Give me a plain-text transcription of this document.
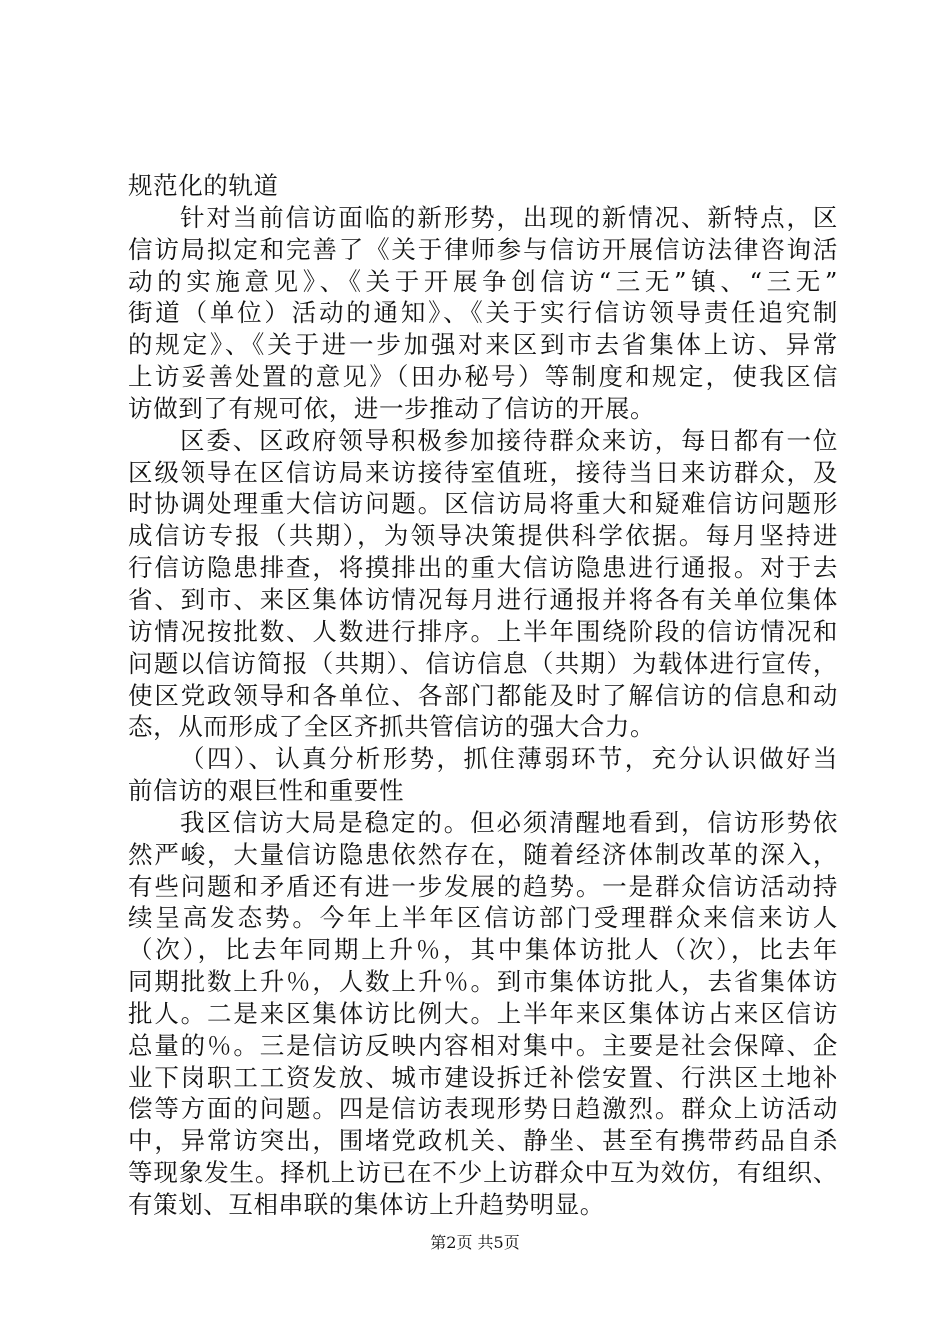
规范化的轨道
针对当前信访面临的新形势，出现的新情况、新特点，区
信访局拟定和完善了《关于律师参与信访开展信访法律咨询活
动的实施意见》、《关于开展争创信访“三无”镇、“三无”
街道（单位）活动的通知》、《关于实行信访领导责任追究制
的规定》、《关于进一步加强对来区到市去省集体上访、异常
上访妥善处置的意见》（田办秘号）等制度和规定，使我区信
访做到了有规可依，进一步推动了信访的开展。
区委、区政府领导积极参加接待群众来访，每日都有一位
区级领导在区信访局来访接待室值班，接待当日来访群众，及
时协调处理重大信访问题。区信访局将重大和疑难信访问题形
成信访专报（共期），为领导决策提供科学依据。每月坚持进
行信访隐患排查，将摸排出的重大信访隐患进行通报。对于去
省、到市、来区集体访情况每月进行通报并将各有关单位集体
访情况按批数、人数进行排序。上半年围绕阶段的信访情况和
问题以信访简报（共期）、信访信息（共期）为载体进行宣传，
使区党政领导和各单位、各部门都能及时了解信访的信息和动
态，从而形成了全区齐抓共管信访的强大合力。
（四）、认真分析形势，抓住薄弱环节，充分认识做好当
前信访的艰巨性和重要性
我区信访大局是稳定的。但必须清醒地看到，信访形势依
然严峻，大量信访隐患依然存在，随着经济体制改革的深入，
有些问题和矛盾还有进一步发展的趋势。一是群众信访活动持
续呈高发态势。今年上半年区信访部门受理群众来信来访人
（次），比去年同期上升％，其中集体访批人（次），比去年
同期批数上升％，人数上升％。到市集体访批人，去省集体访
批人。二是来区集体访比例大。上半年来区集体访占来区信访
总量的％。三是信访反映内容相对集中。主要是社会保障、企
业下岗职工工资发放、城市建设拆迁补偿安置、行洪区土地补
偿等方面的问题。四是信访表现形势日趋激烈。群众上访活动
中，异常访突出，围堵党政机关、静坐、甚至有携带药品自杀
等现象发生。择机上访已在不少上访群众中互为效仿，有组织、
有策划、互相串联的集体访上升趋势明显。
第2页 共5页
